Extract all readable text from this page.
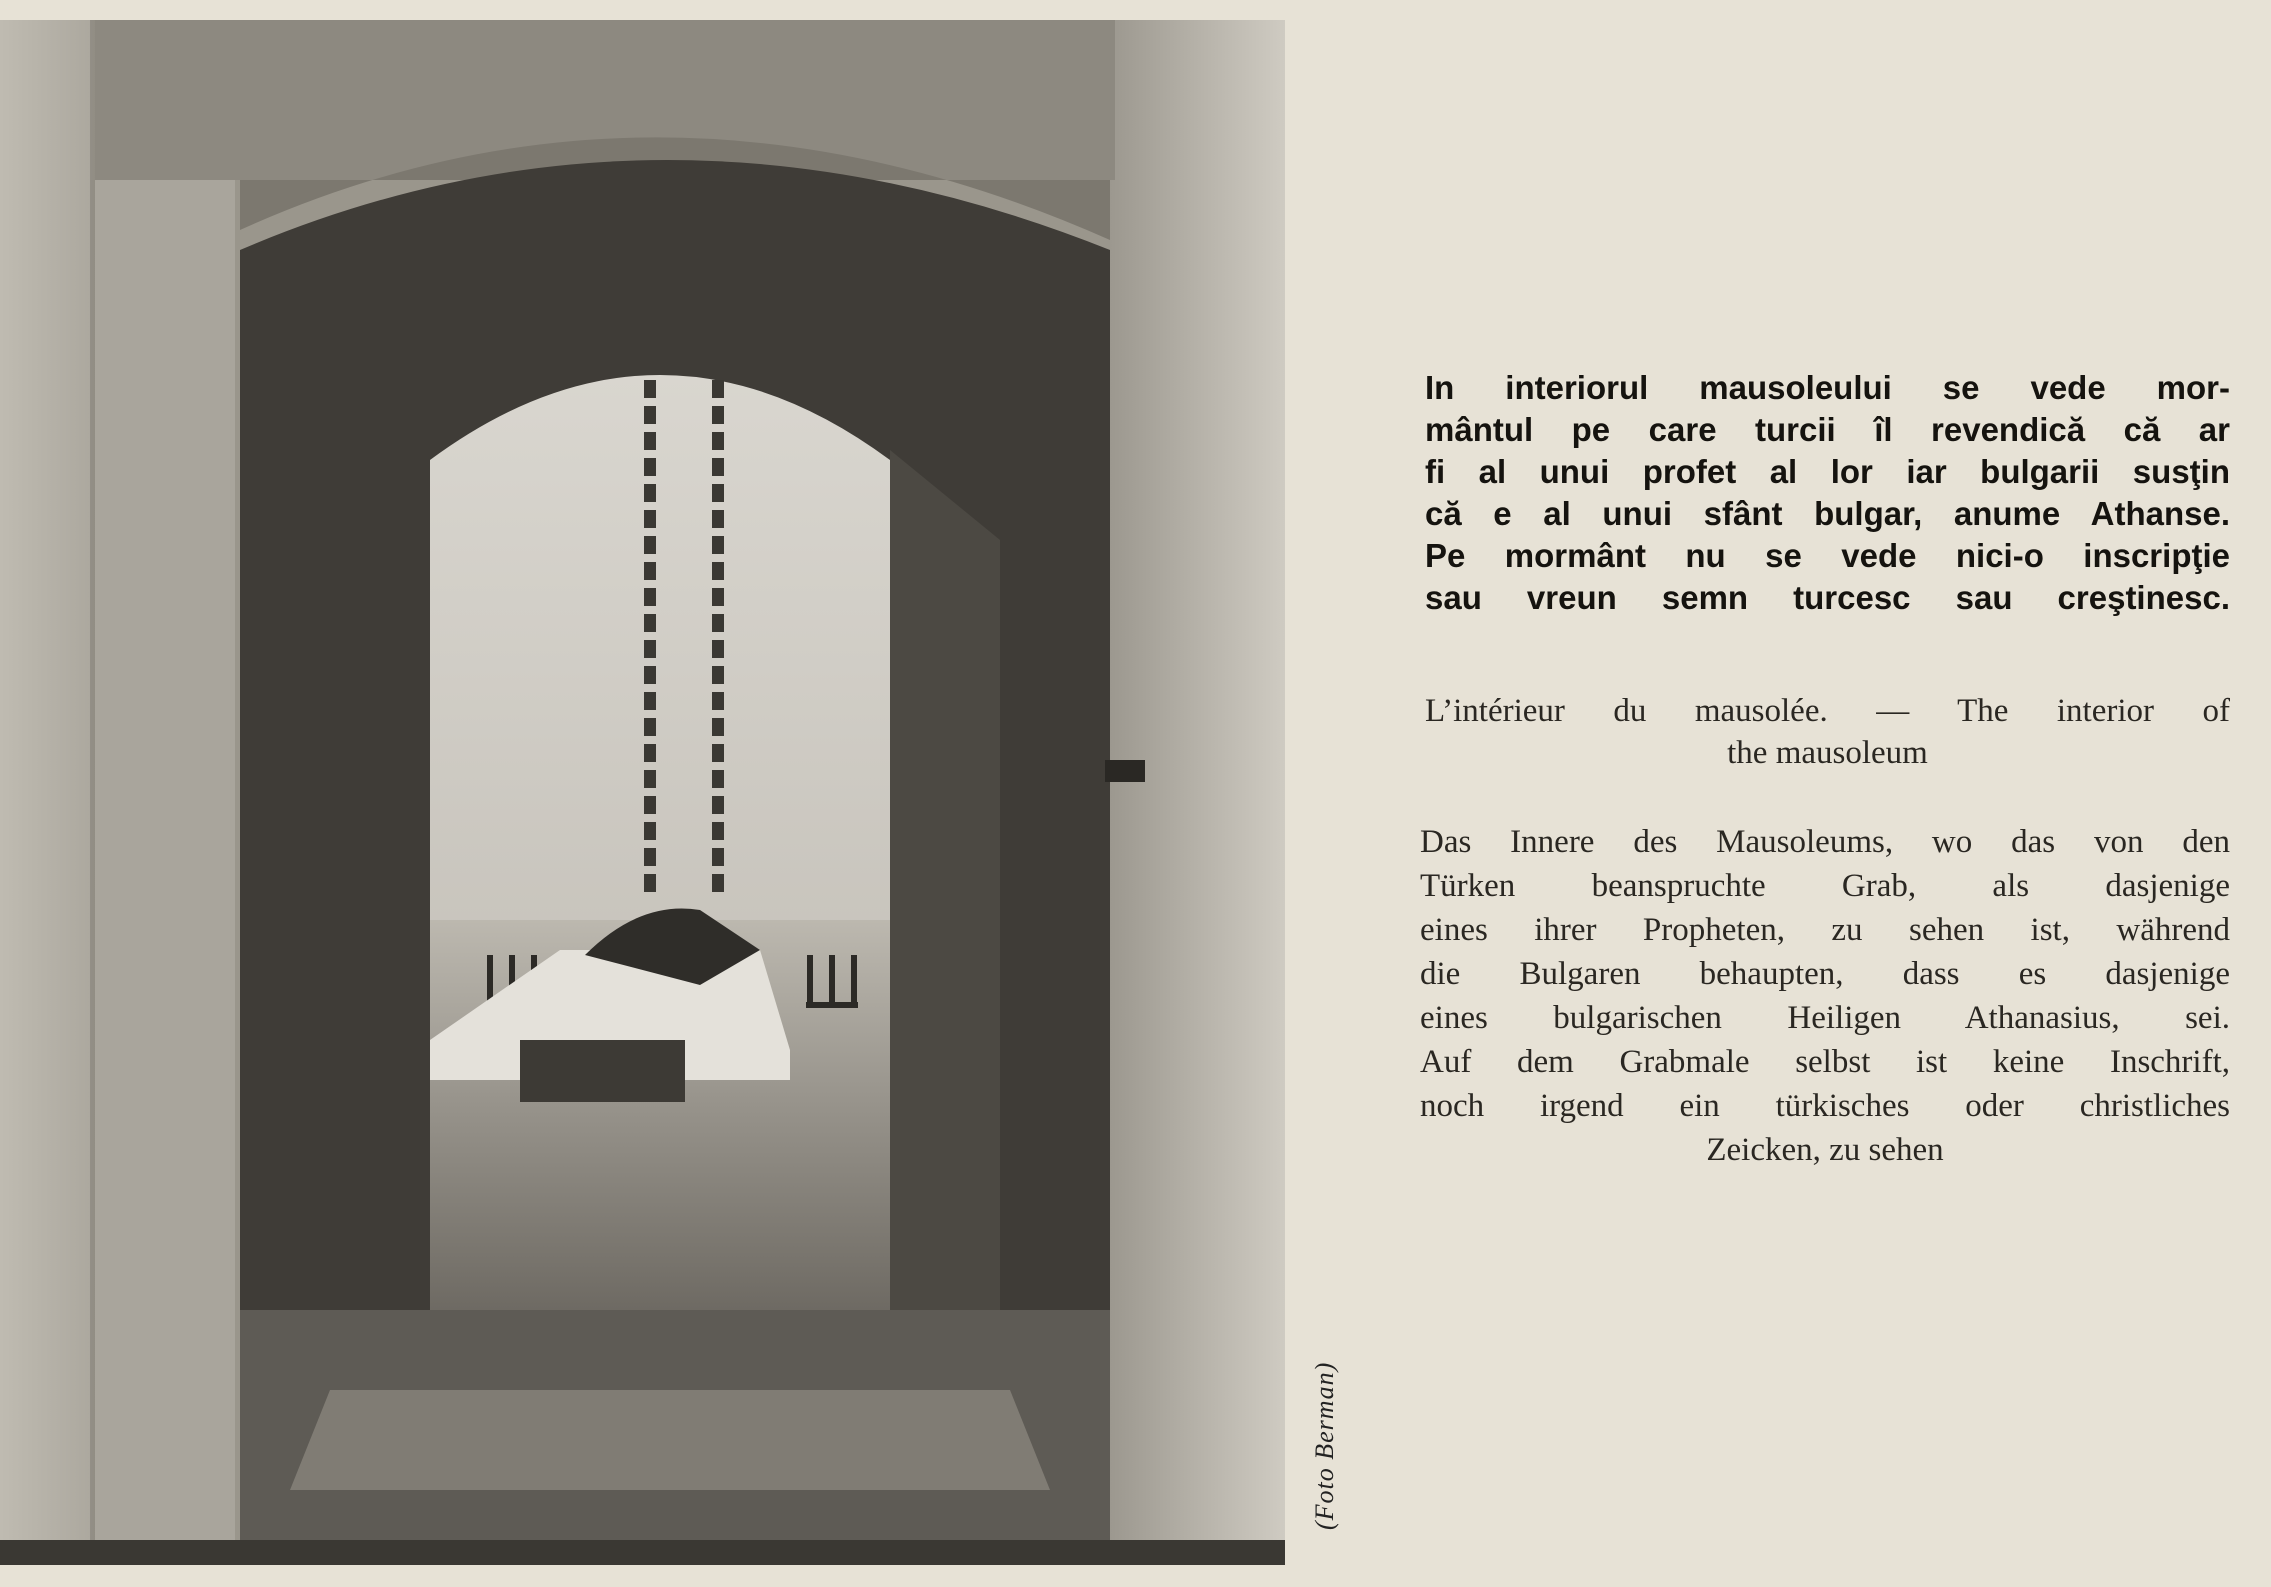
(Foto Berman)
In interiorul mausoleului se vede mor-
mântul pe care turcii îl revendică că ar
fi al unui profet al lor iar bulgarii susţin
că e al unui sfânt bulgar, anume Athanse.
Pe mormânt nu se vede nici-o inscripţie
sau vreun semn turcesc sau creştinesc.
L’intérieur du mausolée. — The interior of
the mausoleum
Das Innere des Mausoleums, wo das von den
Türken beanspruchte Grab, als dasjenige
eines ihrer Propheten, zu sehen ist, während
die Bulgaren behaupten, dass es dasjenige
eines bulgarischen Heiligen Athanasius, sei.
Auf dem Grabmale selbst ist keine Inschrift,
noch irgend ein türkisches oder christliches
Zeicken, zu sehen
